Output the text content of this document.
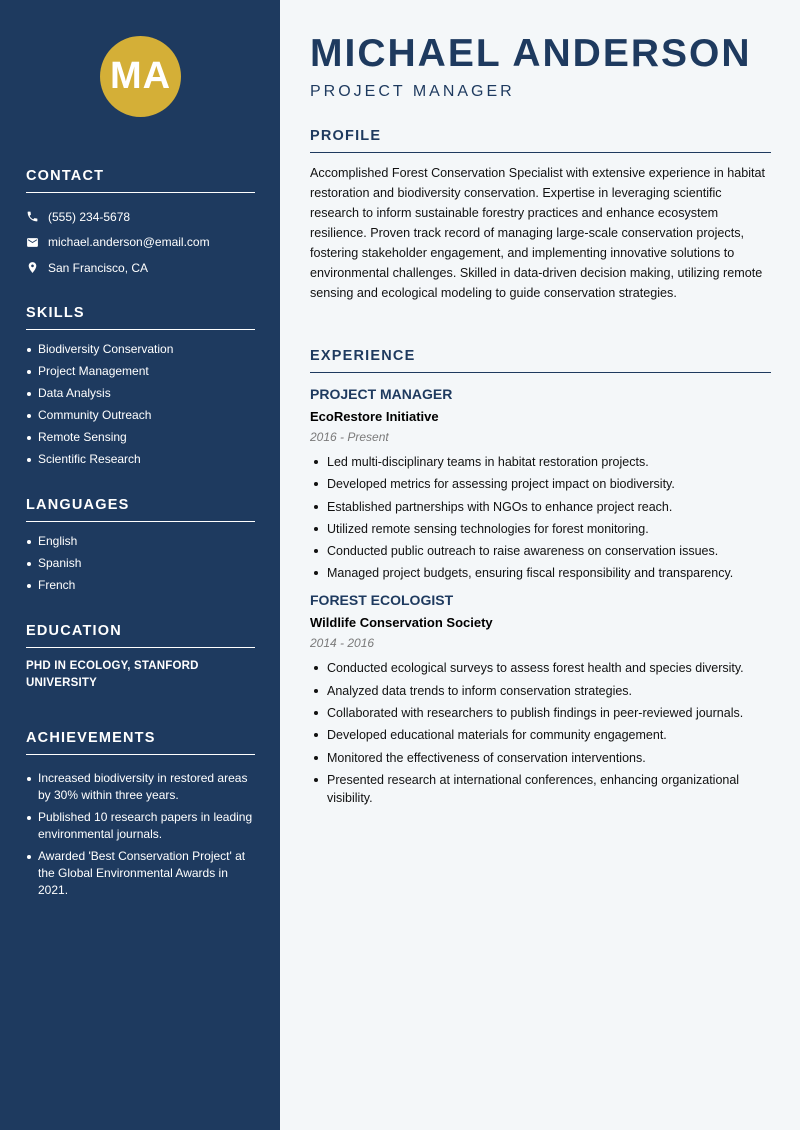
MA
CONTACT
(555) 234-5678
michael.anderson@email.com
San Francisco, CA
SKILLS
Biodiversity Conservation
Project Management
Data Analysis
Community Outreach
Remote Sensing
Scientific Research
LANGUAGES
English
Spanish
French
EDUCATION
PHD IN ECOLOGY, STANFORD UNIVERSITY
ACHIEVEMENTS
Increased biodiversity in restored areas by 30% within three years.
Published 10 research papers in leading environmental journals.
Awarded 'Best Conservation Project' at the Global Environmental Awards in 2021.
MICHAEL ANDERSON
PROJECT MANAGER
PROFILE

Accomplished Forest Conservation Specialist with extensive experience in habitat restoration and biodiversity conservation. Expertise in leveraging scientific research to inform sustainable forestry practices and enhance ecosystem resilience. Proven track record of managing large-scale conservation projects, fostering stakeholder engagement, and implementing innovative solutions to environmental challenges. Skilled in data-driven decision making, utilizing remote sensing and ecological modeling to guide conservation strategies.

EXPERIENCE
PROJECT MANAGER
EcoRestore Initiative
2016 - Present
Led multi-disciplinary teams in habitat restoration projects.
Developed metrics for assessing project impact on biodiversity.
Established partnerships with NGOs to enhance project reach.
Utilized remote sensing technologies for forest monitoring.
Conducted public outreach to raise awareness on conservation issues.
Managed project budgets, ensuring fiscal responsibility and transparency.
FOREST ECOLOGIST
Wildlife Conservation Society
2014 - 2016
Conducted ecological surveys to assess forest health and species diversity.
Analyzed data trends to inform conservation strategies.
Collaborated with researchers to publish findings in peer-reviewed journals.
Developed educational materials for community engagement.
Monitored the effectiveness of conservation interventions.
Presented research at international conferences, enhancing organizational visibility.
